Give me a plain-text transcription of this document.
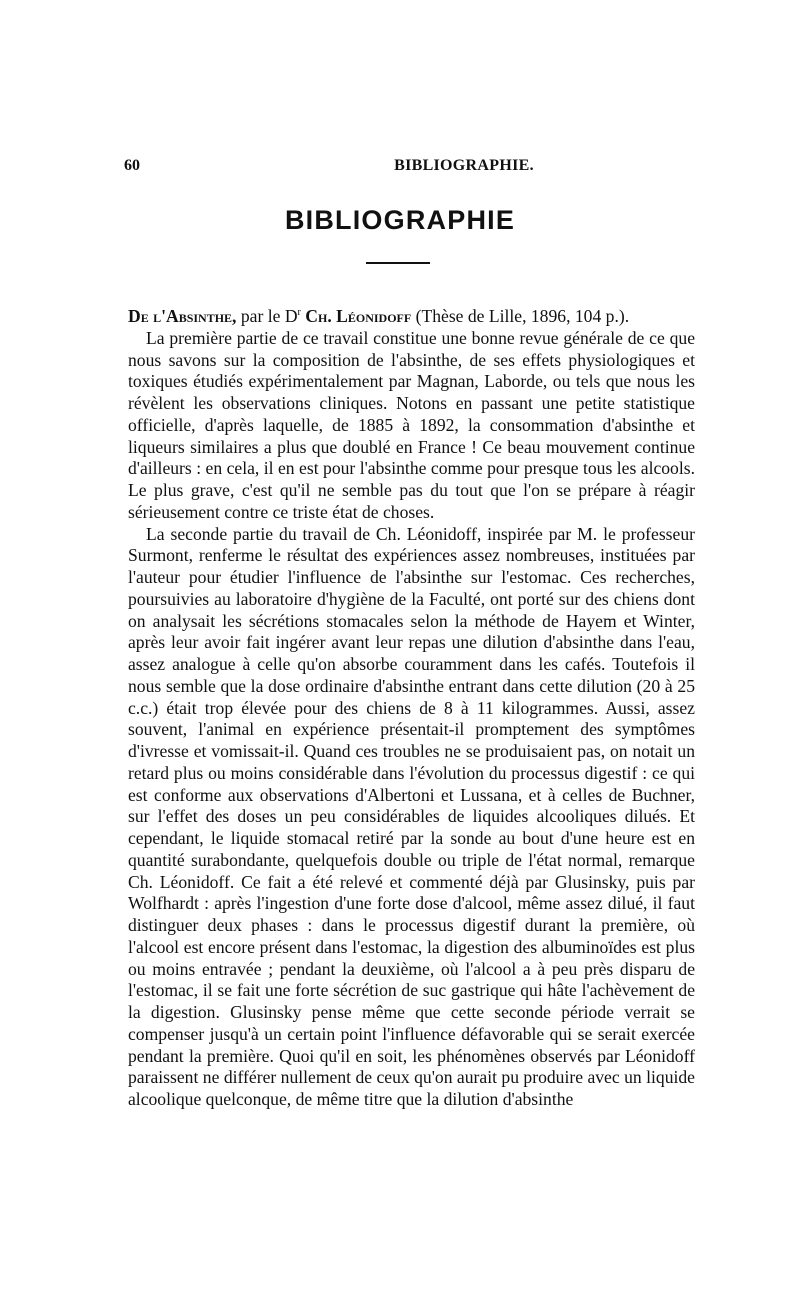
60	BIBLIOGRAPHIE.
BIBLIOGRAPHIE

De l'Absinthe, par le $D^r$ Ch. Léonidoff (Thèse de Lille, 1896, 104 p.).

La première partie de ce travail constitue une bonne revue générale de ce que nous savons sur la composition de l'absinthe, de ses effets physiologiques et toxiques étudiés expérimentalement par Magnan, Laborde, ou tels que nous les révèlent les observations cliniques. Notons en passant une petite statistique officielle, d'après laquelle, de 1885 à 1892, la consommation d'absinthe et liqueurs similaires a plus que doublé en France ! Ce beau mouvement continue d'ailleurs : en cela, il en est pour l'absinthe comme pour presque tous les alcools. Le plus grave, c'est qu'il ne semble pas du tout que l'on se prépare à réagir sérieusement contre ce triste état de choses.

La seconde partie du travail de Ch. Léonidoff, inspirée par M. le professeur Surmont, renferme le résultat des expériences assez nombreuses, instituées par l'auteur pour étudier l'influence de l'absinthe sur l'estomac. Ces recherches, poursuivies au laboratoire d'hygiène de la Faculté, ont porté sur des chiens dont on analysait les sécrétions stomacales selon la méthode de Hayem et Winter, après leur avoir fait ingérer avant leur repas une dilution d'absinthe dans l'eau, assez analogue à celle qu'on absorbe couramment dans les cafés. Toutefois il nous semble que la dose ordinaire d'absinthe entrant dans cette dilution (20 à 25 c.c.) était trop élevée pour des chiens de 8 à 11 kilogrammes. Aussi, assez souvent, l'animal en expérience présentait-il promptement des symptômes d'ivresse et vomissait-il. Quand ces troubles ne se produisaient pas, on notait un retard plus ou moins considérable dans l'évolution du processus digestif : ce qui est conforme aux observations d'Albertoni et Lussana, et à celles de Buchner, sur l'effet des doses un peu considérables de liquides alcooliques dilués. Et cependant, le liquide stomacal retiré par la sonde au bout d'une heure est en quantité surabondante, quelquefois double ou triple de l'état normal, remarque Ch. Léonidoff. Ce fait a été relevé et commenté déjà par Glusinsky, puis par Wolfhardt : après l'ingestion d'une forte dose d'alcool, même assez dilué, il faut distinguer deux phases : dans le processus digestif durant la première, où l'alcool est encore présent dans l'estomac, la digestion des albuminoïdes est plus ou moins entravée ; pendant la deuxième, où l'alcool a à peu près disparu de l'estomac, il se fait une forte sécrétion de suc gastrique qui hâte l'achèvement de la digestion. Glusinsky pense même que cette seconde période verrait se compenser jusqu'à un certain point l'influence défavorable qui se serait exercée pendant la première. Quoi qu'il en soit, les phénomènes observés par Léonidoff paraissent ne différer nullement de ceux qu'on aurait pu produire avec un liquide alcoolique quelconque, de même titre que la dilution d'absinthe
